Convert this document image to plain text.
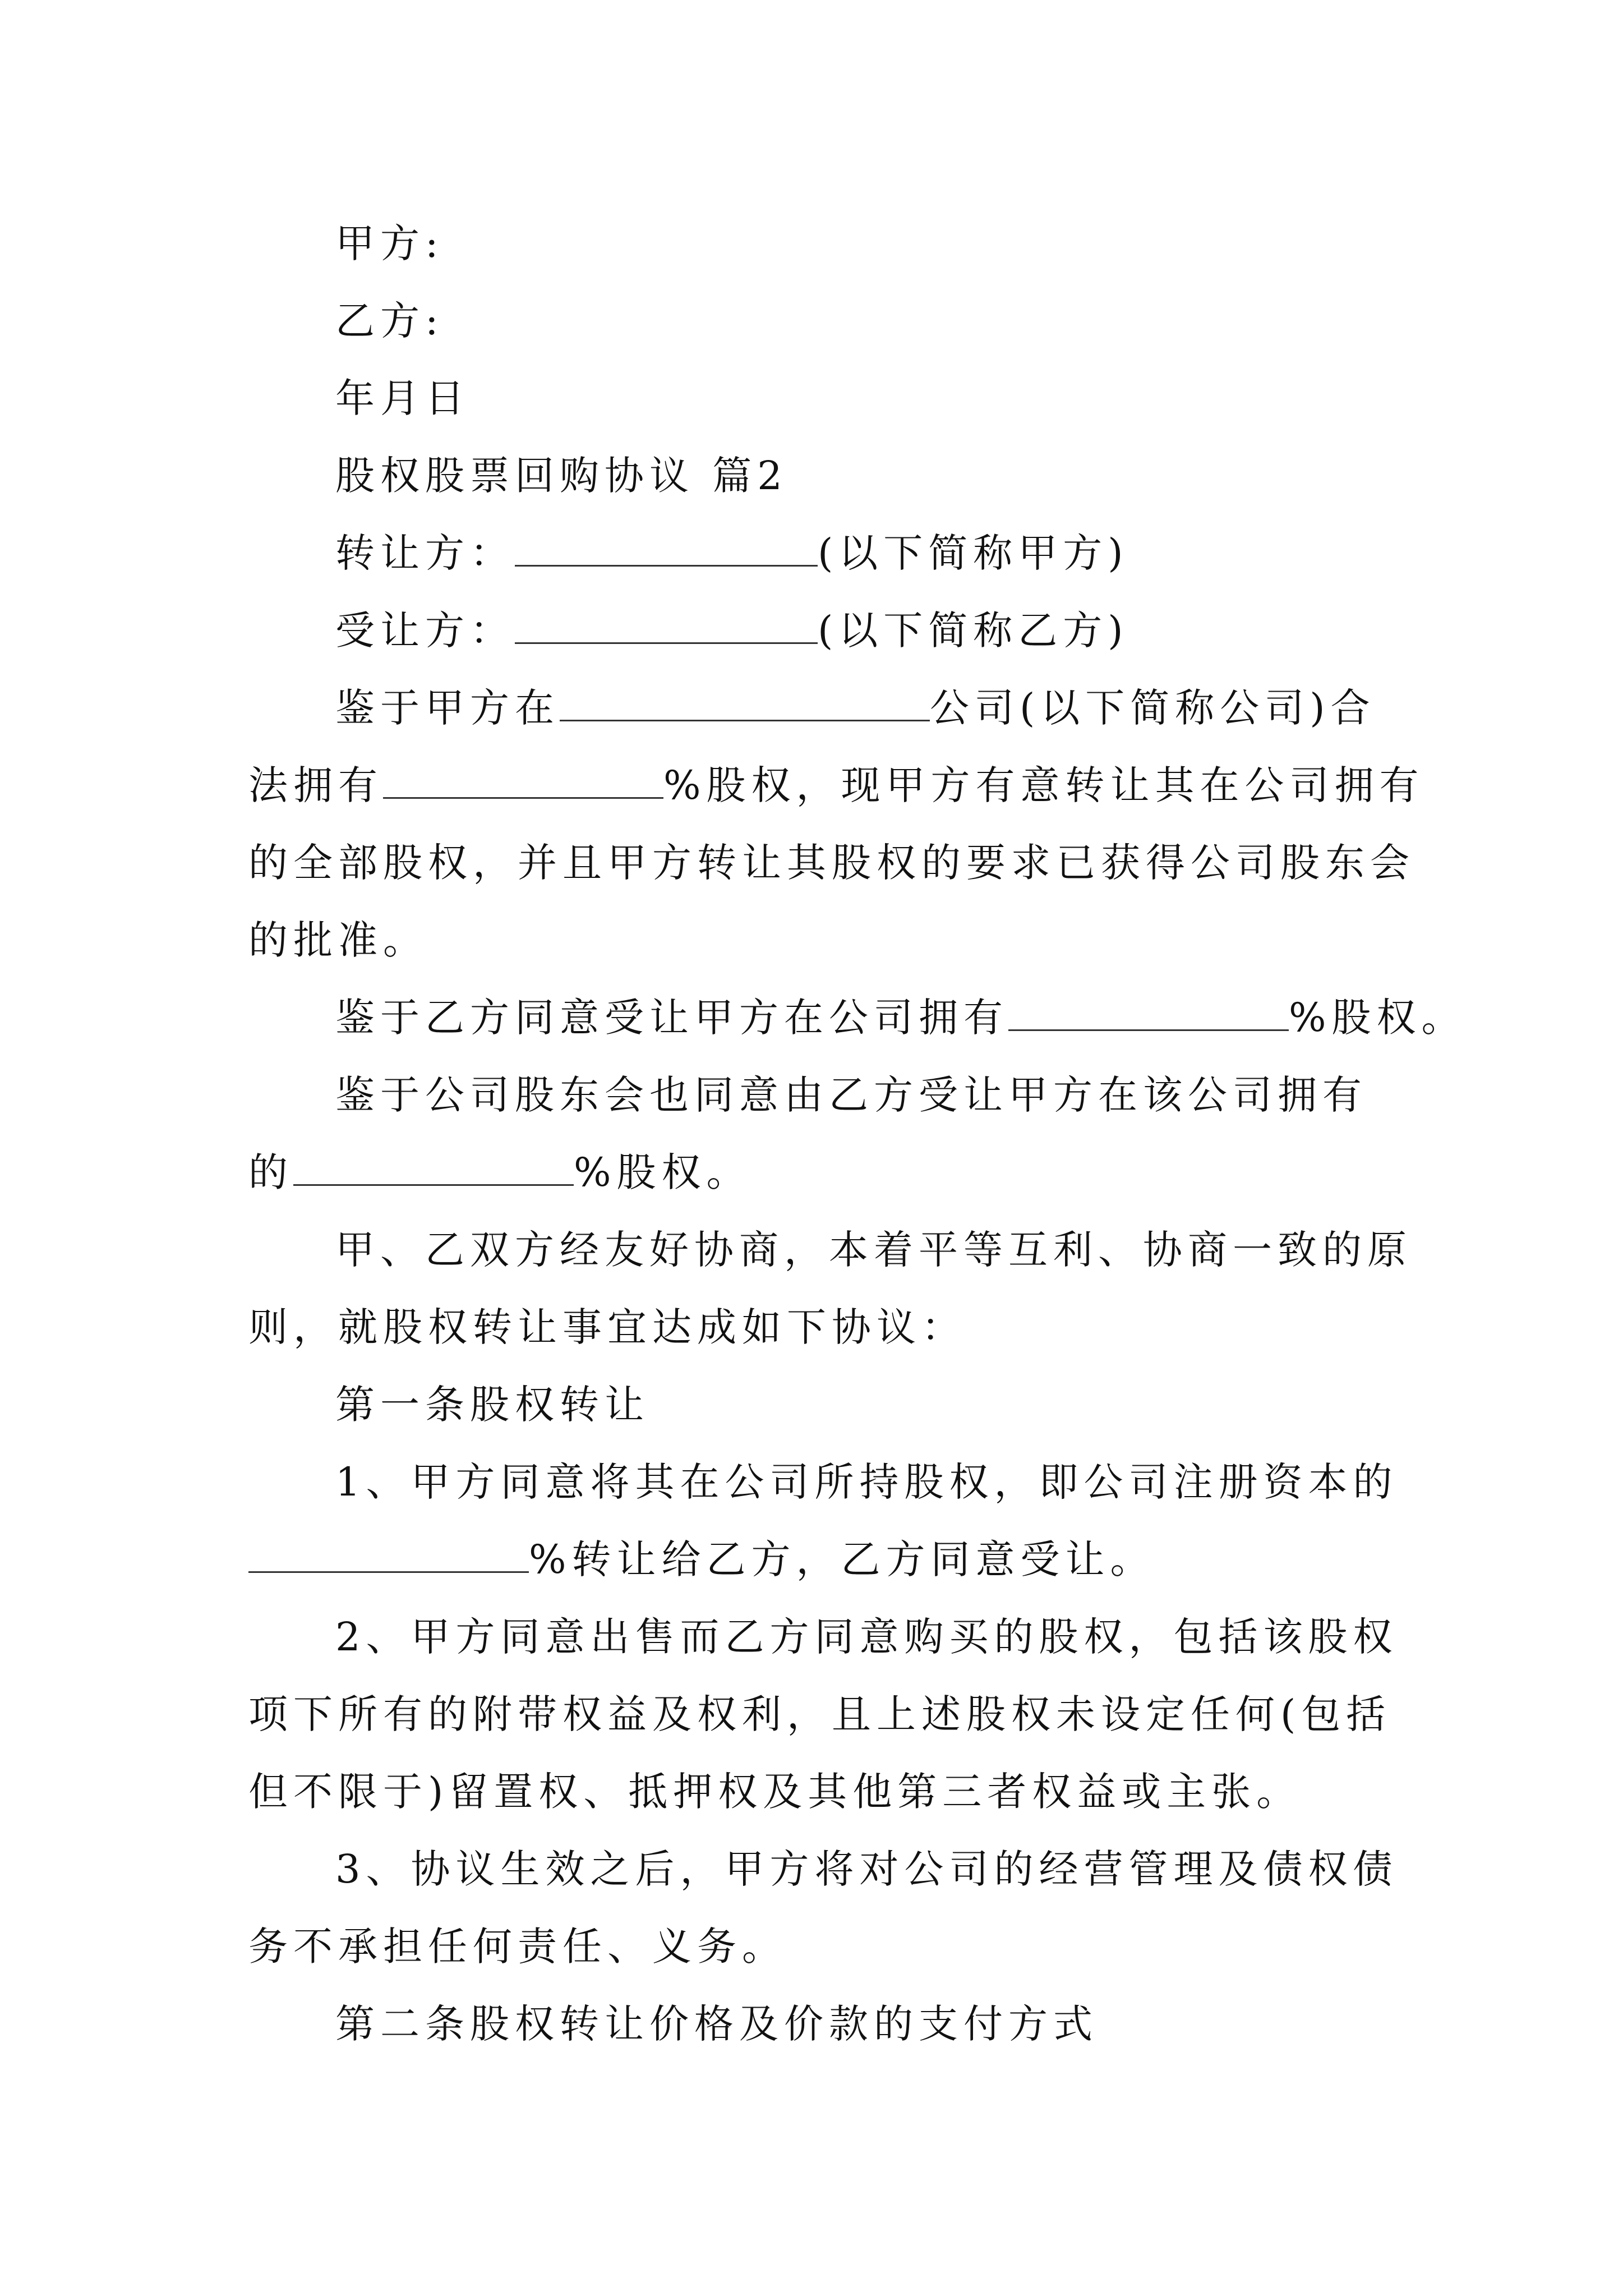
甲方:
乙方:
年月日
股权股票回购协议 篇2
转让方：	(以下简称甲方)
受让方：	(以下简称乙方)
鉴于甲方在	公司(以下简称公司)合
法拥有	%股权，现甲方有意转让其在公司拥有
的全部股权，并且甲方转让其股权的要求已获得公司股东会
的批准。
鉴于乙方同意受让甲方在公司拥有	%股权。
鉴于公司股东会也同意由乙方受让甲方在该公司拥有
的	%股权。
甲、乙双方经友好协商，本着平等互利、协商一致的原
则，就股权转让事宜达成如下协议：
第一条股权转让
1、甲方同意将其在公司所持股权，即公司注册资本的
%转让给乙方，乙方同意受让。
2、甲方同意出售而乙方同意购买的股权，包括该股权
项下所有的附带权益及权利，且上述股权未设定任何(包括
但不限于)留置权、抵押权及其他第三者权益或主张。
3、协议生效之后，甲方将对公司的经营管理及债权债
务不承担任何责任、义务。
第二条股权转让价格及价款的支付方式
